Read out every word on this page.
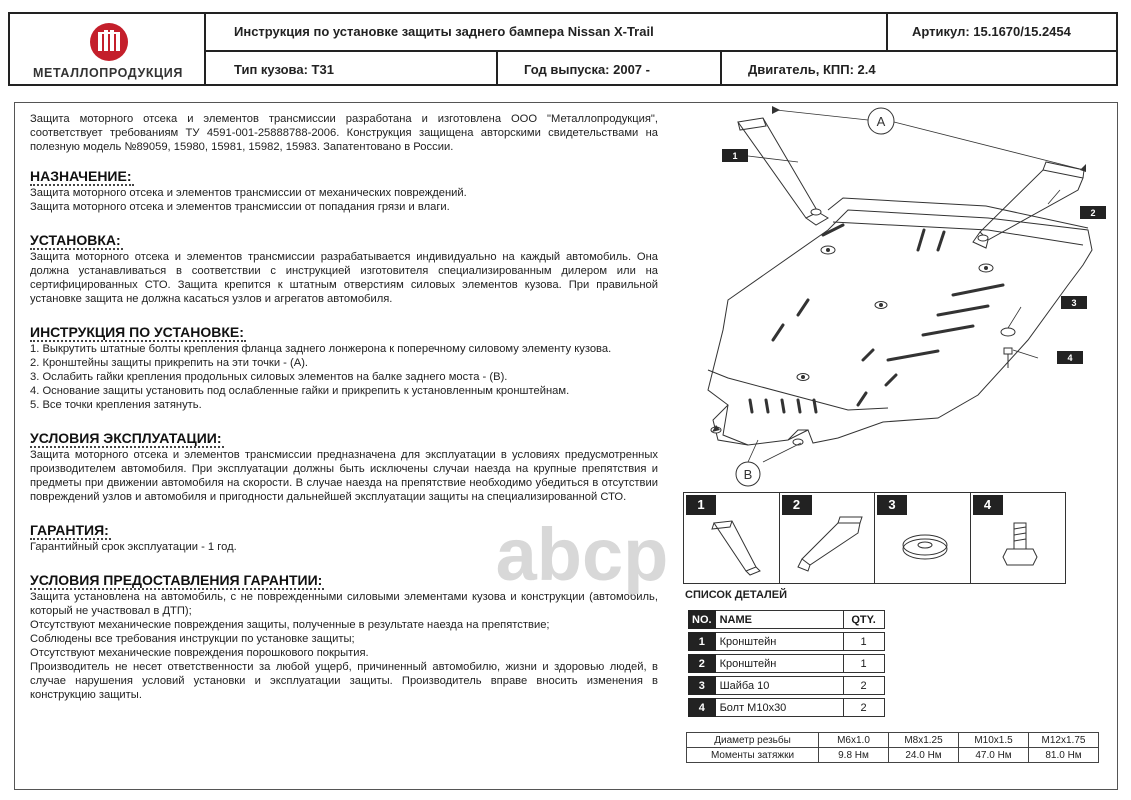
МЕТАЛЛОПРОДУКЦИЯ
Инструкция по установке защиты заднего бампера Nissan X-Trail	Артикул: 15.1670/15.2454
Тип кузова: Т31	Год выпуска: 2007 -	Двигатель, КПП: 2.4
Защита моторного отсека и элементов трансмиссии разработана и изготовлена ООО "Металлопродукция", соответствует требованиям ТУ 4591-001-25888788-2006. Конструкция защищена авторскими свидетельствами на полезную модель №89059, 15980, 15981, 15982, 15983. Запатентовано в России.
НАЗНАЧЕНИЕ:
Защита моторного отсека и элементов трансмиссии от механических повреждений.
Защита моторного отсека и элементов трансмиссии от попадания грязи и влаги.
УСТАНОВКА:
Защита моторного отсека и элементов трансмиссии разрабатывается индивидуально на каждый автомобиль. Она должна устанавливаться в соответствии с инструкцией изготовителя специализированным дилером или на сертифицированных СТО. Защита крепится к штатным отверстиям силовых элементов кузова. При правильной установке защита не должна касаться узлов и агрегатов автомобиля.
ИНСТРУКЦИЯ ПО УСТАНОВКЕ:
1. Выкрутить штатные болты крепления фланца заднего лонжерона к поперечному силовому элементу кузова.
2. Кронштейны защиты прикрепить на эти точки - (А).
3. Ослабить гайки крепления продольных силовых элементов на балке заднего моста - (В).
4. Основание защиты установить под ослабленные гайки и прикрепить к установленным кронштейнам.
5. Все точки крепления затянуть.
УСЛОВИЯ ЭКСПЛУАТАЦИИ:
Защита моторного отсека и элементов трансмиссии предназначена для эксплуатации в условиях предусмотренных производителем автомобиля. При эксплуатации должны быть исключены случаи наезда на крупные препятствия и предметы при движении автомобиля на скорости. В случае наезда на препятствие необходимо убедиться в отсутствии повреждений узлов и автомобиля и пригодности дальнейшей эксплуатации защиты на специализированной СТО.
ГАРАНТИЯ:
Гарантийный срок эксплуатации - 1 год.
УСЛОВИЯ ПРЕДОСТАВЛЕНИЯ ГАРАНТИИ:
Защита установлена на автомобиль, с не поврежденными силовыми элементами кузова и конструкции (автомобиль, который не участвовал в ДТП);
Отсутствуют механические повреждения защиты, полученные в результате наезда на препятствие;
Соблюдены все требования инструкции по установке защиты;
Отсутствуют механические повреждения порошкового покрытия.
Производитель не несет ответственности за любой ущерб, причиненный автомобилю, жизни и здоровью людей, в случае нарушения условий установки и эксплуатации защиты. Производитель вправе вносить изменения в конструкцию защиты.
A
B
1
2
3
4
1	2	3	4
СПИСОК ДЕТАЛЕЙ
NO.	NAME	QTY.
1	Кронштейн	1
2	Кронштейн	1
3	Шайба 10	2
4	Болт М10х30	2
Диаметр резьбы	M6x1.0	M8x1.25	M10x1.5	M12x1.75
Моменты затяжки	9.8 Нм	24.0 Нм	47.0 Нм	81.0 Нм
abcp
